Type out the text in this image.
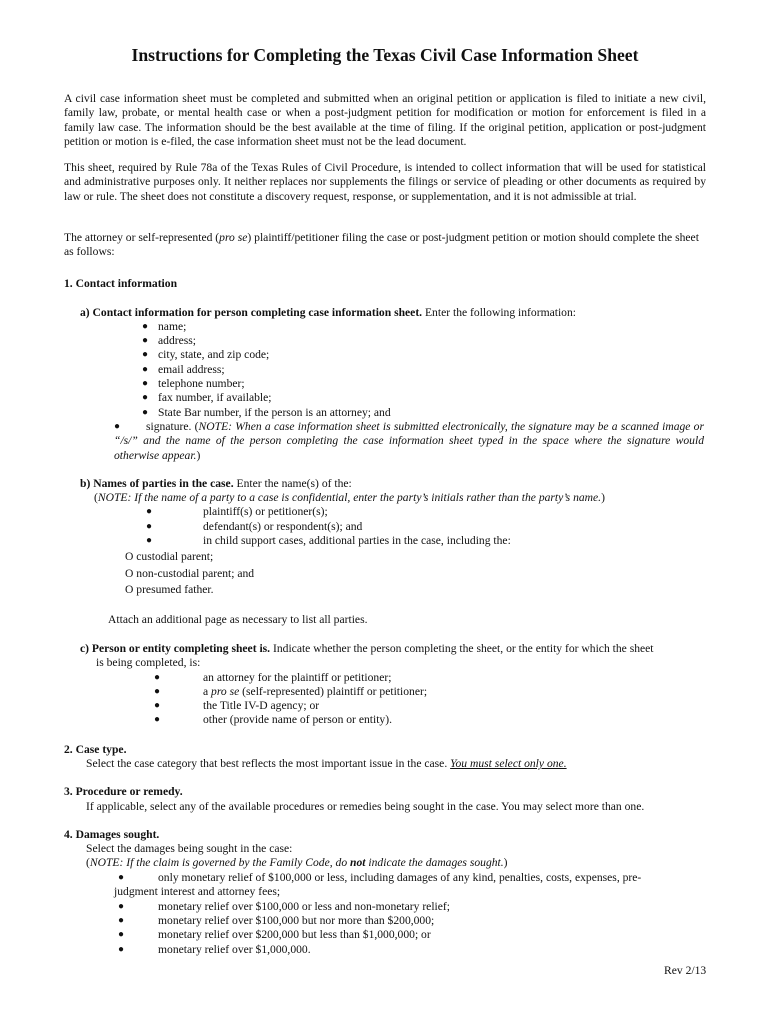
Instructions for Completing the Texas Civil Case Information Sheet

A civil case information sheet must be completed and submitted when an original petition or application is filed to initiate a new civil, family law, probate, or mental health case or when a post-judgment petition for modification or motion for enforcement is filed in a family law case. The information should be the best available at the time of filing. If the original petition, application or post-judgment petition or motion is e-filed, the case information sheet must not be the lead document.

This sheet, required by Rule 78a of the Texas Rules of Civil Procedure, is intended to collect information that will be used for statistical and administrative purposes only. It neither replaces nor supplements the filings or service of pleading or other documents as required by law or rule. The sheet does not constitute a discovery request, response, or supplementation, and it is not admissible at trial.

The attorney or self-represented (pro se) plaintiff/petitioner filing the case or post-judgment petition or motion should complete the sheet as follows:

1. Contact information
a) Contact information for person completing case information sheet. Enter the following information:
● name;
● address;
● city, state, and zip code;
● email address;
● telephone number;
● fax number, if available;
● State Bar number, if the person is an attorney; and
●	signature. (NOTE: When a case information sheet is submitted electronically, the signature may be a scanned image or “/s/” and the name of the person completing the case information sheet typed in the space where the signature would otherwise appear.)

b) Names of parties in the case. Enter the name(s) of the:
(NOTE: If the name of a party to a case is confidential, enter the party’s initials rather than the party’s name.)
●	plaintiff(s) or petitioner(s);
●	defendant(s) or respondent(s); and
●	in child support cases, additional parties in the case, including the:
O custodial parent;
O non-custodial parent; and
O presumed father.
Attach an additional page as necessary to list all parties.
c) Person or entity completing sheet is. Indicate whether the person completing the sheet, or the entity for which the sheet
is being completed, is:
●	an attorney for the plaintiff or petitioner;
●	a pro se (self-represented) plaintiff or petitioner;
●	the Title IV-D agency; or
●	other (provide name of person or entity).
2. Case type.
Select the case category that best reflects the most important issue in the case. You must select only one.
3. Procedure or remedy.
If applicable, select any of the available procedures or remedies being sought in the case. You may select more than one.
4. Damages sought.
Select the damages being sought in the case:
(NOTE: If the claim is governed by the Family Code, do not indicate the damages sought.)
●	only monetary relief of $100,000 or less, including damages of any kind, penalties, costs, expenses, pre-
judgment interest and attorney fees;
●	monetary relief over $100,000 or less and non-monetary relief;
●	monetary relief over $100,000 but nor more than $200,000;
●	monetary relief over $200,000 but less than $1,000,000; or
●	monetary relief over $1,000,000.
Rev 2/13
